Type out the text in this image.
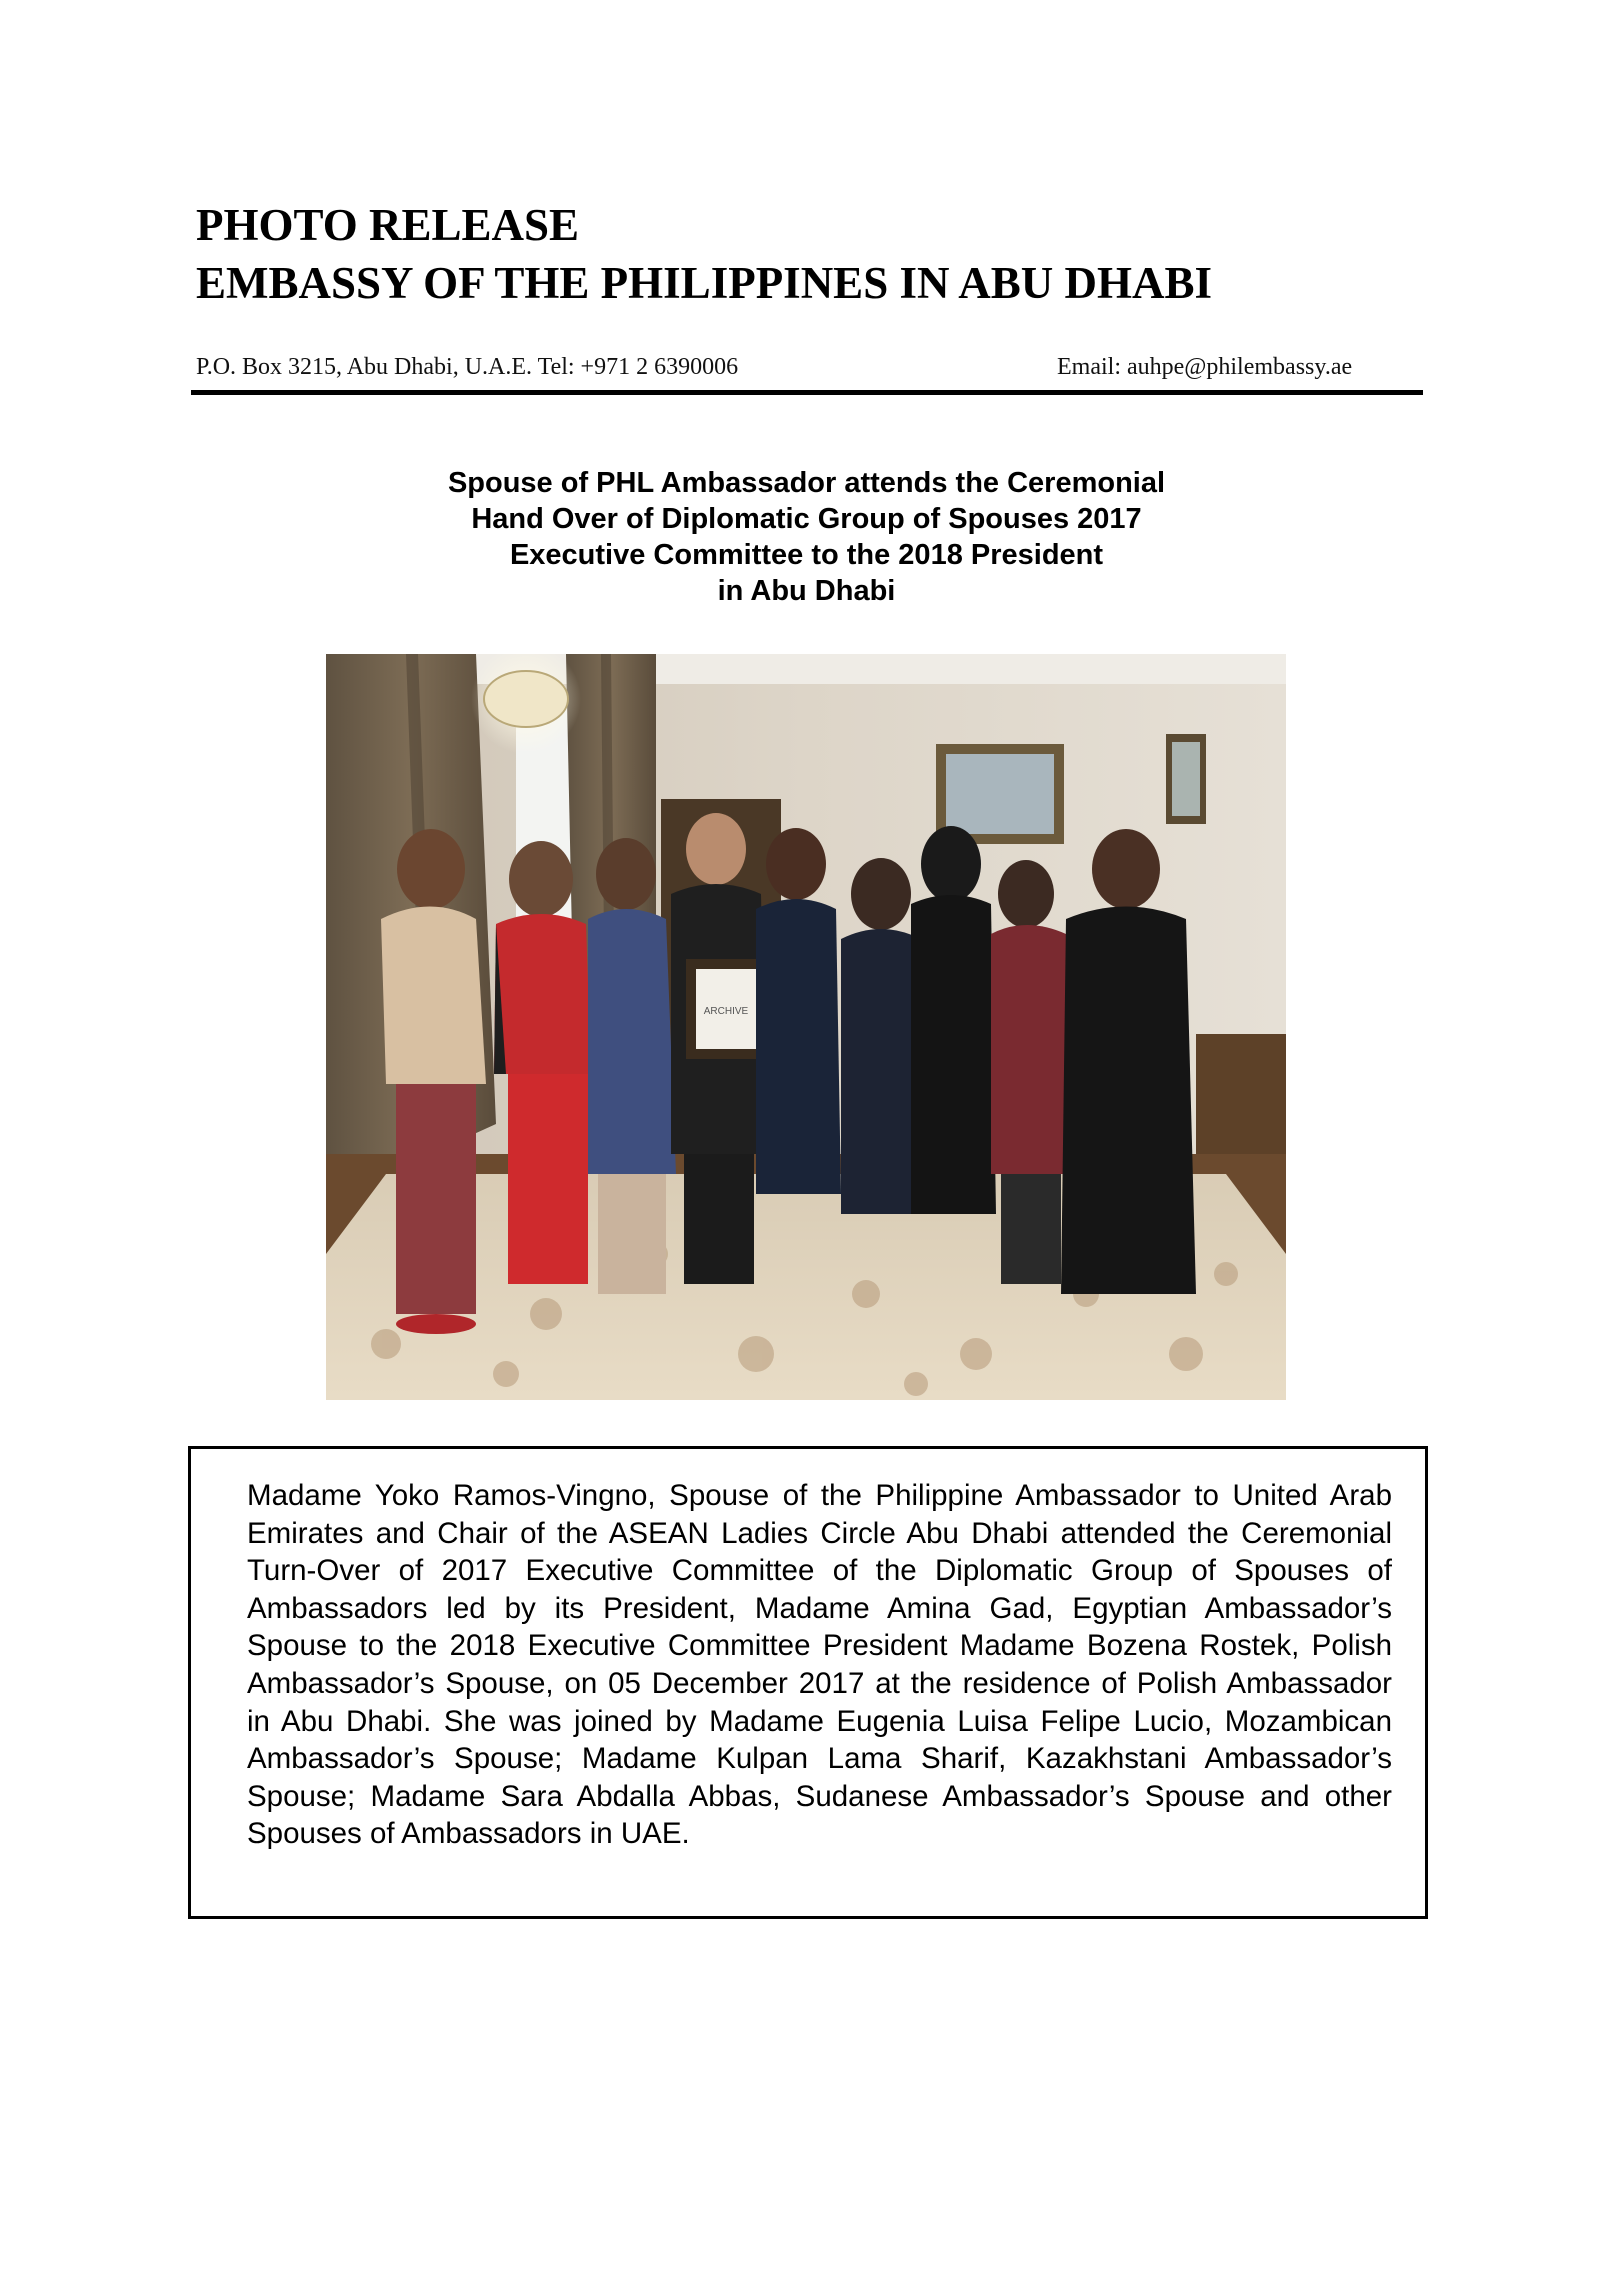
PHOTO RELEASE
EMBASSY OF THE PHILIPPINES IN ABU DHABI
P.O. Box 3215, Abu Dhabi, U.A.E. Tel: +971 2 6390006	Email: auhpe@philembassy.ae
Spouse of PHL Ambassador attends the Ceremonial
Hand Over of Diplomatic Group of Spouses 2017
Executive Committee to the 2018 President
in Abu Dhabi
ARCHIVE

Madame Yoko Ramos-Vingno, Spouse of the Philippine Ambassador to United Arab Emirates and Chair of the ASEAN Ladies Circle Abu Dhabi attended the Ceremonial Turn-Over of 2017 Executive Committee of the Diplomatic Group of Spouses of Ambassadors led by its President, Madame Amina Gad, Egyptian Ambassador’s Spouse to the 2018 Executive Committee President Madame Bozena Rostek, Polish Ambassador’s Spouse, on 05 December 2017 at the residence of Polish Ambassador in Abu Dhabi. She was joined by Madame Eugenia Luisa Felipe Lucio, Mozambican Ambassador’s Spouse; Madame Kulpan Lama Sharif, Kazakhstani Ambassador’s Spouse; Madame Sara Abdalla Abbas, Sudanese Ambassador’s Spouse and other Spouses of Ambassadors in UAE.
